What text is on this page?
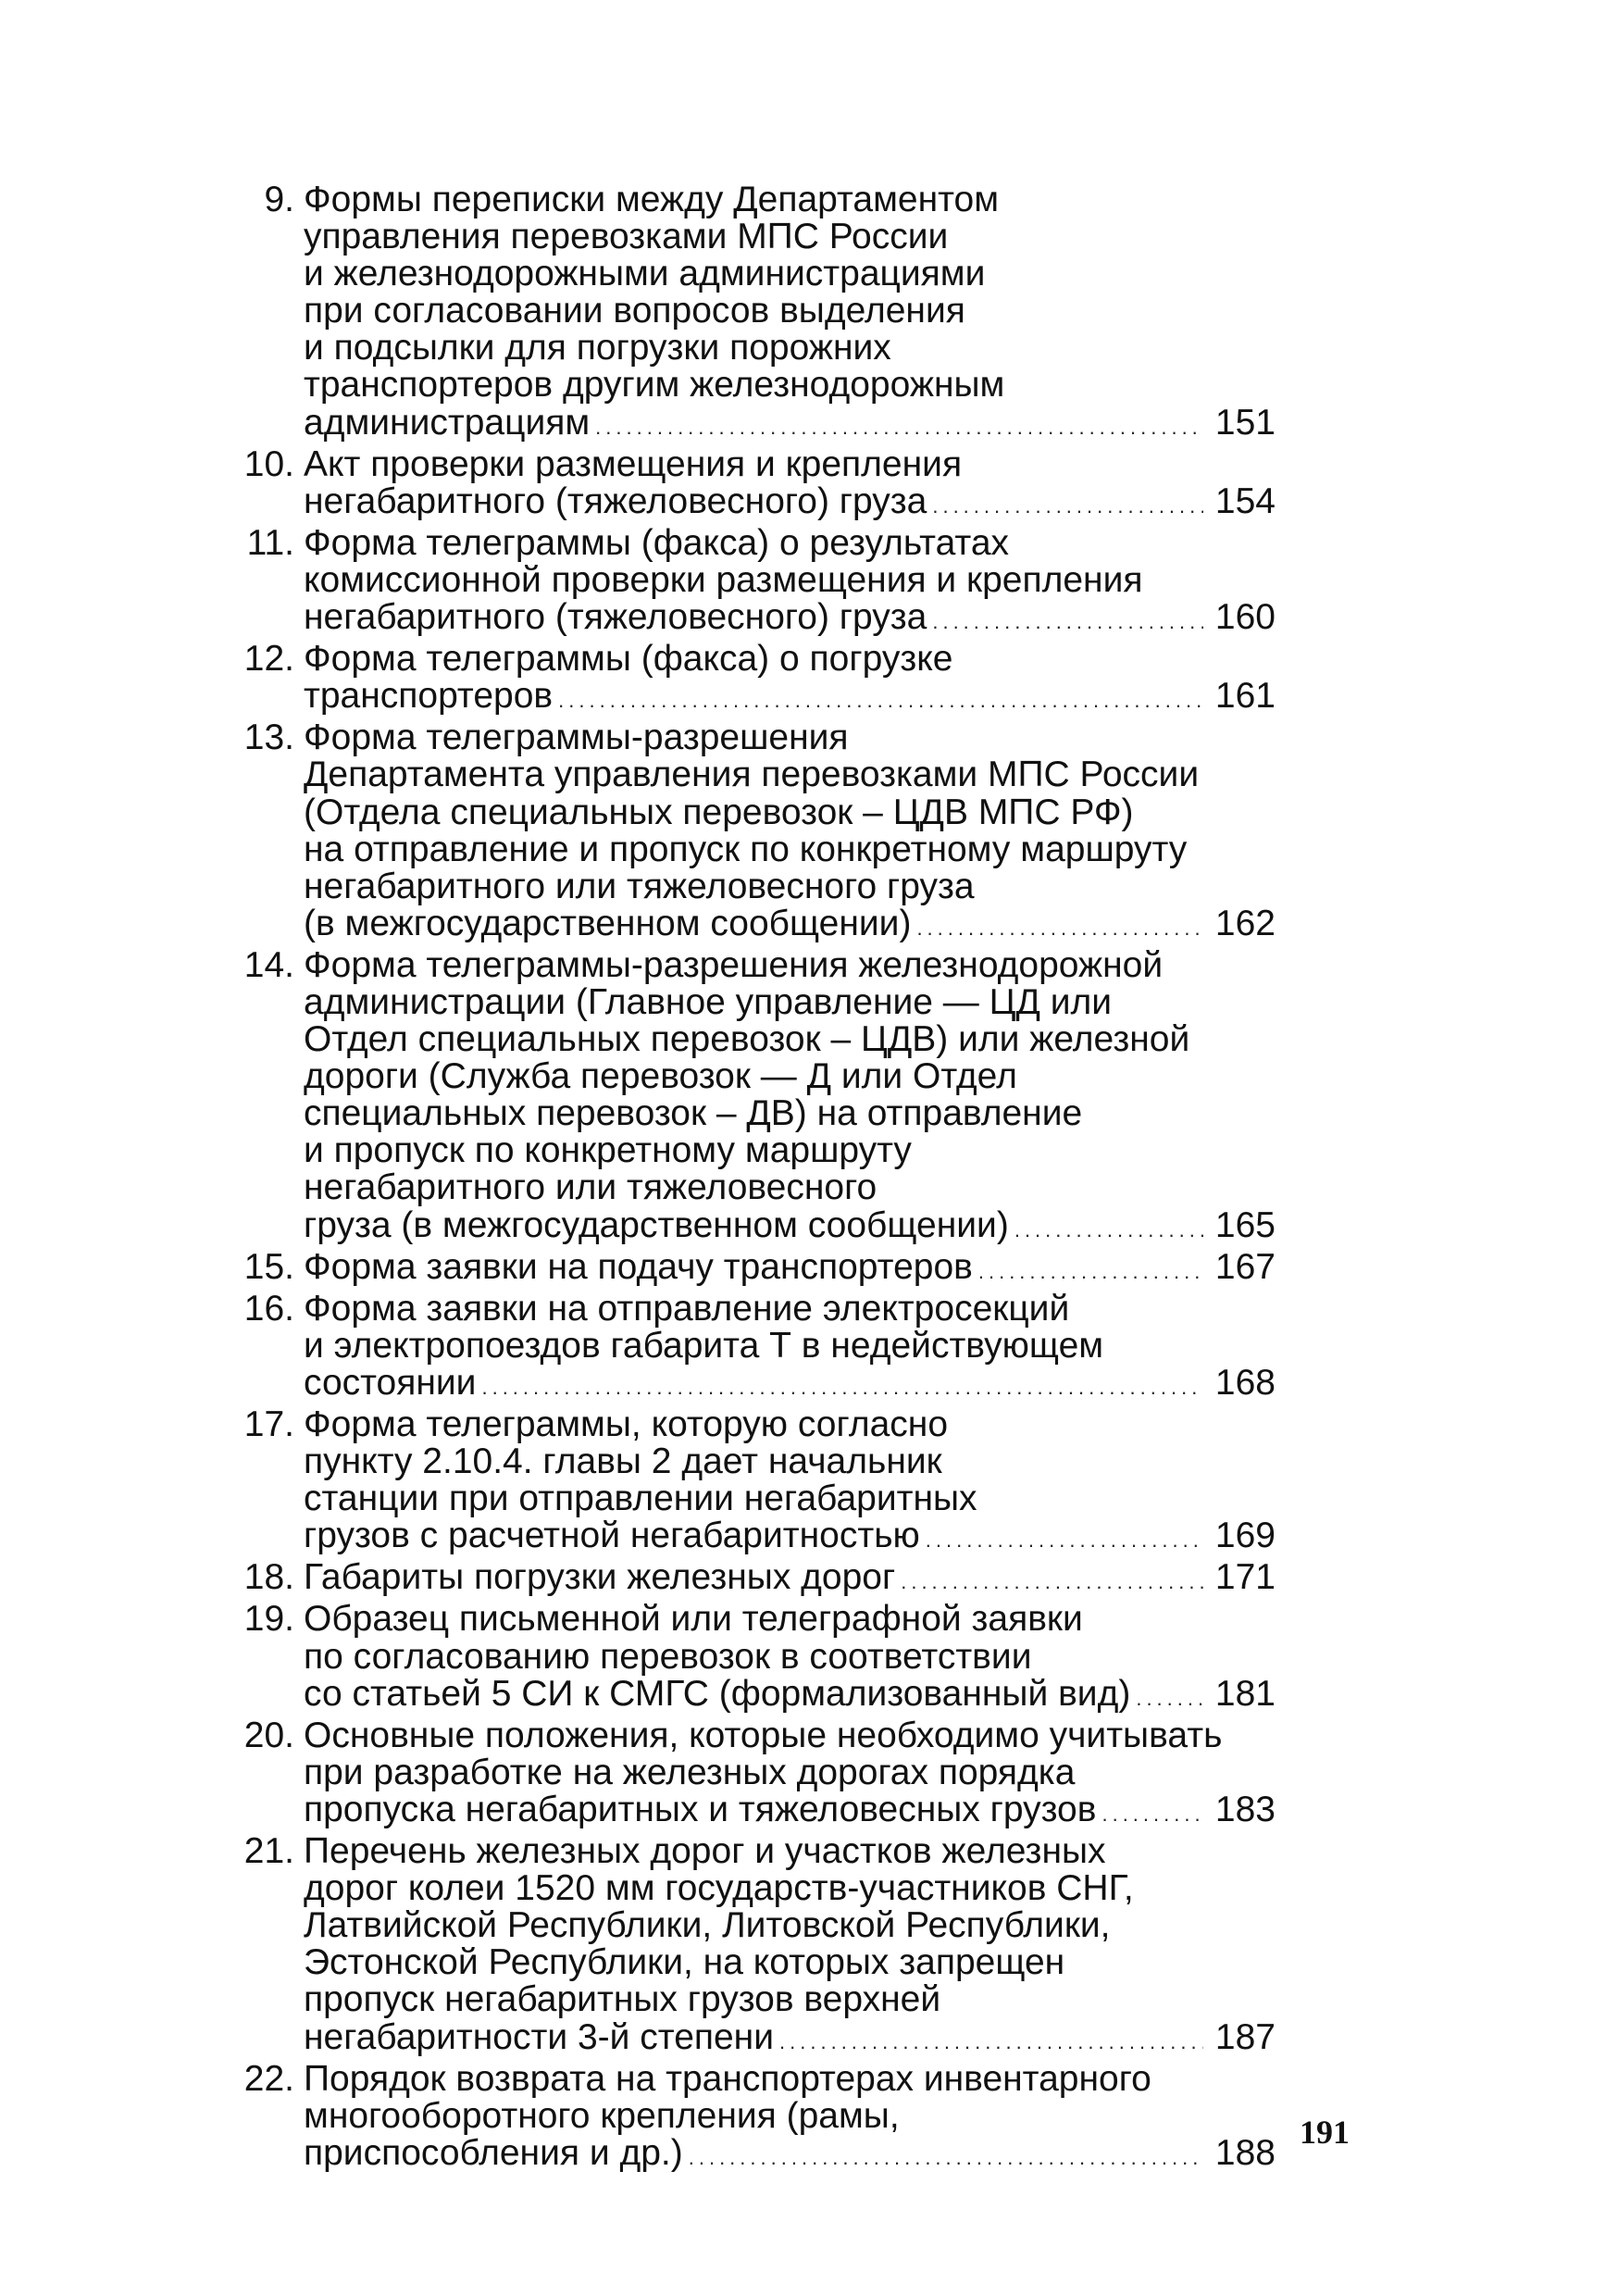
9. Формы переписки между Департаментом
управления перевозками МПС России
и железнодорожными администрациями
при согласовании вопросов выделения
и подсылки для погрузки порожних
транспортеров другим железнодорожным
администрациям .....	151
10. Акт проверки размещения и крепления
негабаритного (тяжеловесного) груза .....	154
11. Форма телеграммы (факса) о результатах
комиссионной проверки размещения и крепления
негабаритного (тяжеловесного) груза .....	160
12. Форма телеграммы (факса) о погрузке
транспортеров .....	161
13. Форма телеграммы-разрешения
Департамента управления перевозками МПС России
(Отдела специальных перевозок – ЦДВ МПС РФ)
на отправление и пропуск по конкретному маршруту
негабаритного или тяжеловесного груза
(в межгосударственном сообщении) .....	162
14. Форма телеграммы-разрешения железнодорожной
администрации (Главное управление — ЦД или
Отдел специальных перевозок – ЦДВ) или железной
дороги (Служба перевозок — Д или Отдел
специальных перевозок – ДВ) на отправление
и пропуск по конкретному маршруту
негабаритного или тяжеловесного
груза (в межгосударственном сообщении) .....	165
15. Форма заявки на подачу транспортеров .....	167
16. Форма заявки на отправление электросекций
и электропоездов габарита Т в недействующем
состоянии .....	168
17. Форма телеграммы, которую согласно
пункту 2.10.4. главы 2 дает начальник
станции при отправлении негабаритных
грузов с расчетной негабаритностью .....	169
18. Габариты погрузки железных дорог .....	171
19. Образец письменной или телеграфной заявки
по согласованию перевозок в соответствии
со статьей 5 СИ к СМГС (формализованный вид) ..... 181
20. Основные положения, которые необходимо учитывать
при разработке на железных дорогах порядка
пропуска негабаритных и тяжеловесных грузов .....	183
21. Перечень железных дорог и участков железных
дорог колеи 1520 мм государств-участников СНГ,
Латвийской Республики, Литовской Республики,
Эстонской Республики, на которых запрещен
пропуск негабаритных грузов верхней
негабаритности 3-й степени .....	187
22. Порядок возврата на транспортерах инвентарного
многооборотного крепления (рамы,
приспособления и др.) .....	188
191
